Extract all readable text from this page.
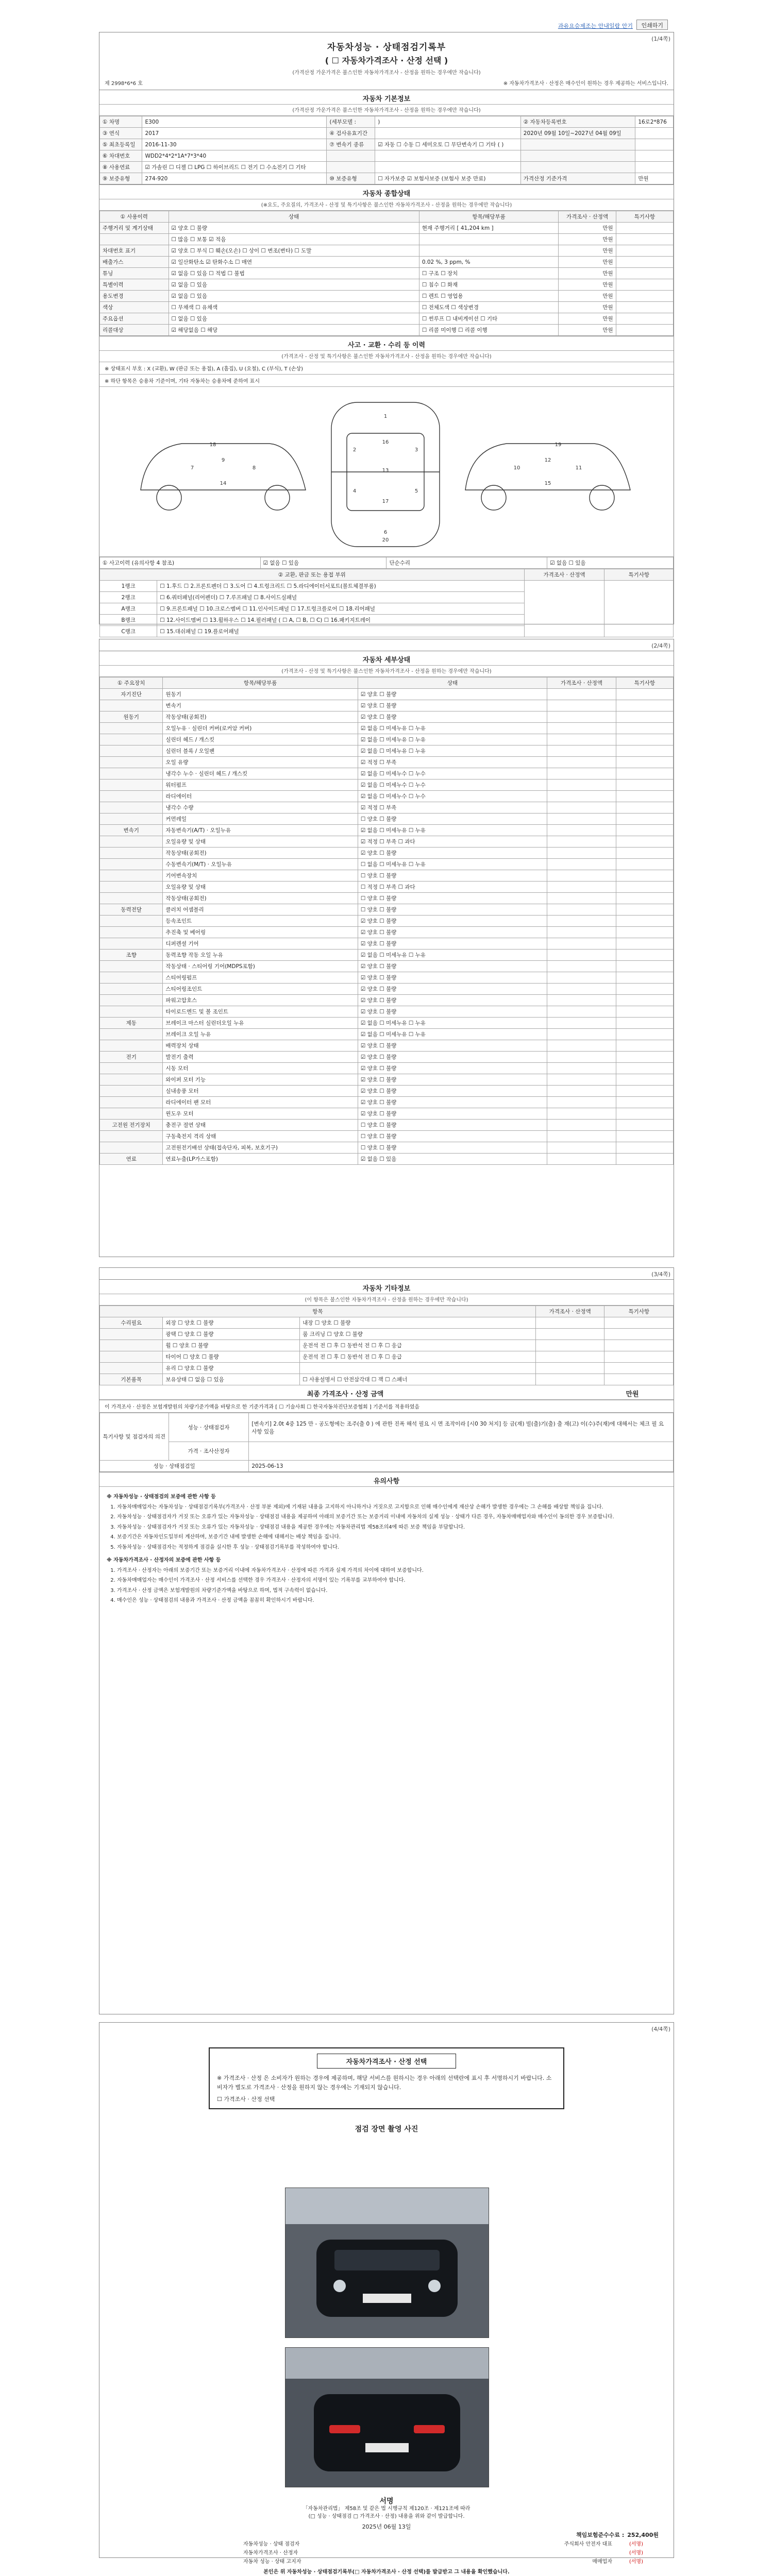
과유요승제조는 안내일람 안기	인쇄하기
(1/4쪽)
자동차성능 · 상태점검기록부
( ☐ 자동차가격조사 · 산정 선택 )
(가격산정 가운가격은 불스인한 자동차가격조사 - 산정을 원하는 경우에만 작습니다)
제 2998*6*6 호	※ 자동차가격조사 · 산정은 매수인이 원하는 경우 제공하는 서비스입니다.
자동차 기본정보
(가격산정 가운가격은 불스인한 자동차가격조사 - 산정을 원하는 경우에만 작습니다)
① 차명	E300	(세부모델 :	)	② 자동차등록번호	16로2*876
③ 연식	2017	④ 검사유효기간		2020년 09월 10일~2027년 04월 09일	
⑤ 최초등록일	2016-11-30	⑦ 변속기 종류	☑ 자동 ☐ 수동 ☐ 세미오토 ☐ 무단변속기 ☐ 기타 ( )		
⑥ 차대번호	WDD2*4*2*1A*7*3*40				
⑧ 사용연료	☑ 가솔린 ☐ 디젤 ☐ LPG ☐ 하이브리드 ☐ 전기 ☐ 수소전기 ☐ 기타				
⑨ 보증유형	274-920	⑩ 보증유형	☐ 자가보증 ☑ 보험사보증 (보험사 보증 만료)	가격산정 기준가격	만원
자동차 종합상태
(※요도, 주요질의, 가격조사 - 산정 및 특기사항은 불스인한 자동차가격조사 - 산정을 원하는 경우에만 작습니다)
① 사용이력	상태	항목/해당부품	가격조사 · 산정액	특기사항
주행거리 및 계기상태	☑ 양호 ☐ 불량	현재 주행거리 [ 41,204 km ]	만원	
	☐ 많음 ☐ 보통 ☑ 적음		만원	
차대번호 표기	☑ 양호 ☐ 부식 ☐ 훼손(오손) ☐ 상이 ☐ 변조(변타) ☐ 도말		만원	
배출가스	☑ 일산화탄소 ☑ 탄화수소 ☐ 매연	0.02 %, 3 ppm, %	만원	
튜닝	☑ 없음 ☐ 있음 ☐ 적법 ☐ 불법	☐ 구조 ☐ 장치	만원	
특별이력	☑ 없음 ☐ 있음	☐ 침수 ☐ 화재	만원	
용도변경	☑ 없음 ☐ 있음	☐ 렌트 ☐ 영업용	만원	
색상	☐ 무채색 ☐ 유채색	☐ 전체도색 ☐ 색상변경	만원	
주요옵션	☐ 없음 ☐ 있음	☐ 썬루프 ☐ 내비게이션 ☐ 기타	만원	
리콜대상	☑ 해당없음 ☐ 해당	☐ 리콜 미이행 ☐ 리콜 이행	만원	
사고 · 교환 · 수리 등 이력
(가격조사 - 산정 및 특기사항은 불스인한 자동차가격조사 - 산정을 원하는 경우에만 작습니다)
※ 상태표시 부호 : X (교환), W (판금 또는 용접), A (흠집), U (요철), C (부식), T (손상)
※ 하단 항목은 승용차 기준이며, 기타 자동차는 승용차에 준하여 표시
1
2	3
4	5
6
7	8
9
10	11
12
13
14	15
16
17
18	19
20
① 사고이력 (유의사항 4 참조)	☑ 없음 ☐ 있음	단순수리	☑ 없음 ☐ 있음
② 교환, 판금 또는 용접 부위		가격조사 · 산정액	특기사항
1랭크	☐ 1.후드 ☐ 2.프론트펜더 ☐ 3.도어 ☐ 4.트렁크리드 ☐ 5.라디에이터서포트(볼트체결부품)		
2랭크	☐ 6.쿼터패널(리어펜더) ☐ 7.루프패널 ☐ 8.사이드실패널		
A랭크	☐ 9.프론트패널 ☐ 10.크로스멤버 ☐ 11.인사이드패널 ☐ 17.트렁크플로어 ☐ 18.리어패널		
B랭크	☐ 12.사이드멤버 ☐ 13.휠하우스 ☐ 14.필러패널 ( ☐ A, ☐ B, ☐ C) ☐ 16.패키지트레이		
C랭크	☐ 15.대쉬패널 ☐ 19.플로어패널		
(2/4쪽)
자동차 세부상태
(가격조사 - 산정 및 특기사항은 불스인한 자동차가격조사 - 산정을 원하는 경우에만 작습니다)
① 주요장치	항목/해당부품	상태	가격조사 · 산정액	특기사항
자기진단	원동기	☑ 양호 ☐ 불량		
	변속기	☑ 양호 ☐ 불량		
원동기	작동상태(공회전)	☑ 양호 ☐ 불량		
	오일누유 · 실린더 커버(로커암 커버)	☑ 없음 ☐ 미세누유 ☐ 누유		
	실린더 헤드 / 개스킷	☑ 없음 ☐ 미세누유 ☐ 누유		
	실린더 블록 / 오일팬	☑ 없음 ☐ 미세누유 ☐ 누유		
	오일 유량	☑ 적정 ☐ 부족		
	냉각수 누수 · 실린더 헤드 / 개스킷	☑ 없음 ☐ 미세누수 ☐ 누수		
	워터펌프	☑ 없음 ☐ 미세누수 ☐ 누수		
	라디에이터	☑ 없음 ☐ 미세누수 ☐ 누수		
	냉각수 수량	☑ 적정 ☐ 부족		
	커먼레일	☐ 양호 ☐ 불량		
변속기	자동변속기(A/T) · 오일누유	☑ 없음 ☐ 미세누유 ☐ 누유		
	오일유량 및 상태	☑ 적정 ☐ 부족 ☐ 과다		
	작동상태(공회전)	☑ 양호 ☐ 불량		
	수동변속기(M/T) · 오일누유	☐ 없음 ☐ 미세누유 ☐ 누유		
	기어변속장치	☐ 양호 ☐ 불량		
	오일유량 및 상태	☐ 적정 ☐ 부족 ☐ 과다		
	작동상태(공회전)	☐ 양호 ☐ 불량		
동력전달	클러치 어셈블리	☐ 양호 ☐ 불량		
	등속조인트	☑ 양호 ☐ 불량		
	추진축 및 베어링	☑ 양호 ☐ 불량		
	디퍼렌셜 기어	☑ 양호 ☐ 불량		
조향	동력조향 작동 오일 누유	☑ 없음 ☐ 미세누유 ☐ 누유		
	작동상태 · 스티어링 기어(MDPS포함)	☑ 양호 ☐ 불량		
	스티어링펌프	☑ 양호 ☐ 불량		
	스티어링조인트	☑ 양호 ☐ 불량		
	파워고압호스	☑ 양호 ☐ 불량		
	타이로드엔드 및 볼 조인트	☑ 양호 ☐ 불량		
제동	브레이크 마스터 실린더오일 누유	☑ 없음 ☐ 미세누유 ☐ 누유		
	브레이크 오일 누유	☑ 없음 ☐ 미세누유 ☐ 누유		
	배력장치 상태	☑ 양호 ☐ 불량		
전기	발전기 출력	☑ 양호 ☐ 불량		
	시동 모터	☑ 양호 ☐ 불량		
	와이퍼 모터 기능	☑ 양호 ☐ 불량		
	실내송풍 모터	☑ 양호 ☐ 불량		
	라디에이터 팬 모터	☑ 양호 ☐ 불량		
	윈도우 모터	☑ 양호 ☐ 불량		
고전원 전기장치	충전구 절연 상태	☐ 양호 ☐ 불량		
	구동축전지 격리 상태	☐ 양호 ☐ 불량		
	고전원전기배선 상태(접속단자, 피복, 보호기구)	☐ 양호 ☐ 불량		
연료	연료누출(LP가스포함)	☑ 없음 ☐ 있음		
(3/4쪽)
자동차 기타정보
(이 항목은 불스인한 자동차가격조사 - 산정을 원하는 경우에만 작습니다)
항목			가격조사 · 산정액	특기사항
수리필요	외장 ☐ 양호 ☐ 불량	내장 ☐ 양호 ☐ 불량		
	광택 ☐ 양호 ☐ 불량	룸 크리닝 ☐ 양호 ☐ 불량		
	휠 ☐ 양호 ☐ 불량	운전석 전 ☐ 후 ☐ 동반석 전 ☐ 후 ☐ 응급		
	타이어 ☐ 양호 ☐ 불량	운전석 전 ☐ 후 ☐ 동반석 전 ☐ 후 ☐ 응급		
	유리 ☐ 양호 ☐ 불량			
기본품목	보유상태 ☐ 없음 ☐ 있음	☐ 사용설명서 ☐ 안전삼각대 ☐ 잭 ☐ 스패너		
최종 가격조사 · 산정 금액	만원
이 가격조사 · 산정은 보험개발원의 차량기준가액을 바탕으로 한 기준가격과 [ ☐ 기술사회 ☐ 한국자동차진단보증협회 ] 기준서를 적용하였음
특기사항 및 점검자의 의견	성능 · 상태점검자	[변속기] 2.0t 4중 125 만 - 공도형에는 조주(출 0 ) 에 관한 진폭 해석 필요 시 면 조작이라 [시0 30 처지] 등 금(재) 빌(출)기(출) 출 재(고) 이(수)주(재)에 대해서는 체크 필 요 사항 있음
	가격 · 조사산정자	
성능 · 상태점검일		2025-06-13
유의사항
※ 자동차성능 · 상태점검의 보증에 관한 사항 등
1. 자동차매매업자는 자동차성능 · 상태점검기록부(가격조사 · 산정 부분 제외)에 기재된 내용을 고지하지 아니하거나 거짓으로 고지함으로 인해 매수인에게 재산상 손해가 발생한 경우에는 그 손해를 배상할 책임을 집니다.
2. 자동차성능 · 상태점검자가 거짓 또는 오류가 있는 자동차성능 · 상태점검 내용을 제공하여 아래의 보증기간 또는 보증거리 이내에 자동차의 실제 성능 · 상태가 다른 경우, 자동차매매업자와 매수인이 동의한 경우 보증합니다.
3. 자동차성능 · 상태점검자가 거짓 또는 오류가 있는 자동차성능 · 상태점검 내용을 제공한 경우에는 자동차관리법 제58조의4에 따른 보증 책임을 부담합니다.
4. 보증기간은 자동차인도일부터 계산하며, 보증기간 내에 발생한 손해에 대해서는 배상 책임을 집니다.
5. 자동차성능 · 상태점검자는 적정하게 점검을 실시한 후 성능 · 상태점검기록부를 작성하여야 합니다.
※ 자동차가격조사 · 산정자의 보증에 관한 사항 등
1. 가격조사 · 산정자는 아래의 보증기간 또는 보증거리 이내에 자동차가격조사 · 산정에 따른 가격과 실제 가격의 차이에 대하여 보증합니다.
2. 자동차매매업자는 매수인이 가격조사 · 산정 서비스를 선택한 경우 가격조사 · 산정자의 서명이 있는 기록부를 교부하여야 합니다.
3. 가격조사 · 산정 금액은 보험개발원의 차량기준가액을 바탕으로 하며, 법적 구속력이 없습니다.
4. 매수인은 성능 · 상태점검의 내용과 가격조사 · 산정 금액을 꼼꼼히 확인하시기 바랍니다.
(4/4쪽)
자동차가격조사 · 산정 선택

※ 가격조사 · 산정 은 소비자가 원하는 경우에 제공하며, 해당 서비스를 원하시는 경우 아래의 선택란에 표시 후 서명하시기 바랍니다. 소비자가 별도로 가격조사 · 산정을 원하지 않는 경우에는 기재되지 않습니다.

☐ 가격조사 · 산정 선택

점검 장면 촬영 사진
서명
「자동차관리법」 제58조 및 같은 법 시행규칙 제120조 · 제121조에 따라
(□ 성능 · 상태점검 □ 가격조사 · 산정) 내용을 위와 같이 발급합니다.
2025년 06월 13일
책임보험준수수료 : 252,400원
자동차성능 · 상태 점검자	주식회사 안전자 대표	(서명)
자동차가격조사 · 산정자	(서명)
자동차 성능 · 상태 고지자	매매업자	(서명)
본인은 위 자동차성능 · 상태점검기록부(□ 자동차가격조사 · 산정 선택)를 발급받고 그 내용을 확인했습니다.
